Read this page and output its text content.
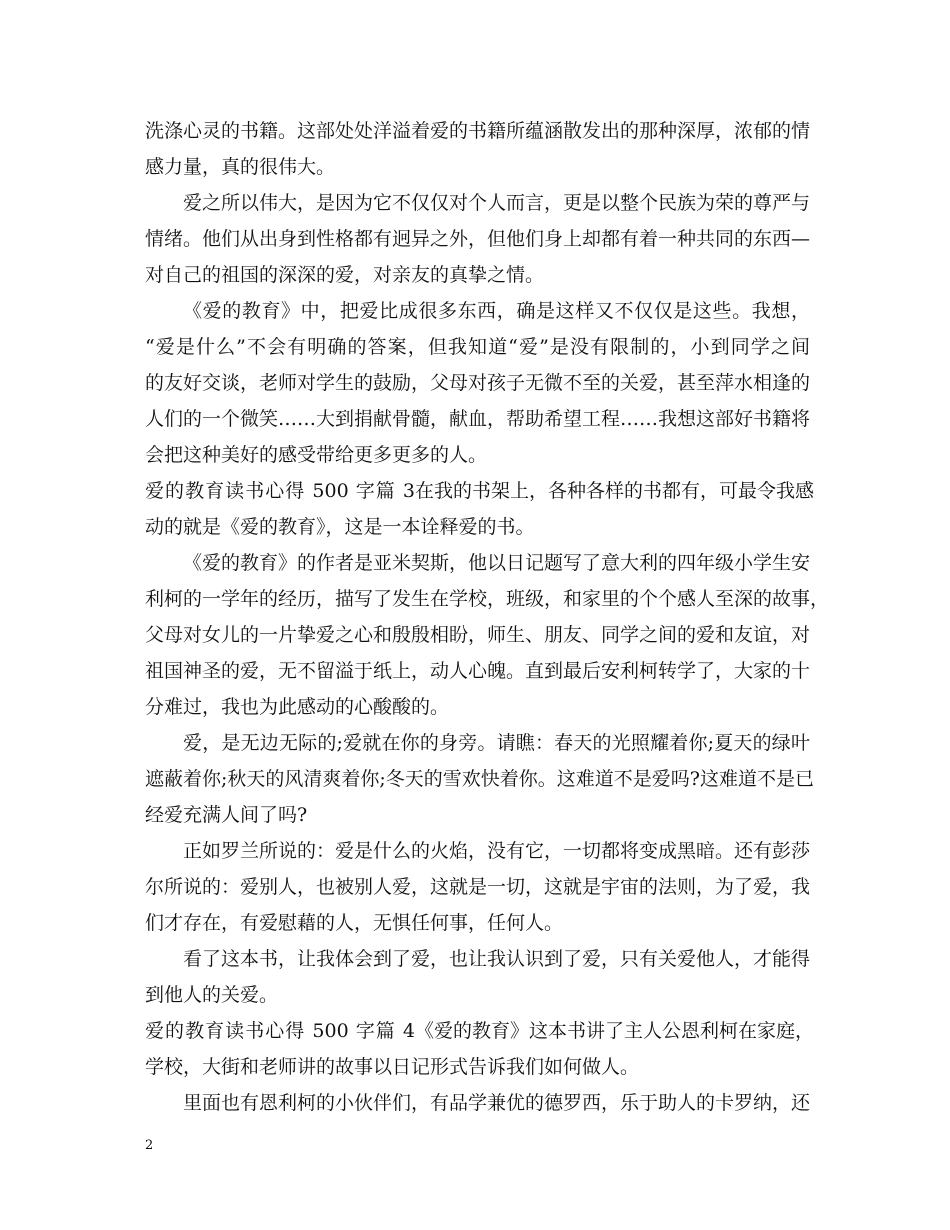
洗涤心灵的书籍。这部处处洋溢着爱的书籍所蕴涵散发出的那种深厚，浓郁的情
感力量，真的很伟大。
爱之所以伟大，是因为它不仅仅对个人而言，更是以整个民族为荣的尊严与
情绪。他们从出身到性格都有迥异之外，但他们身上却都有着一种共同的东西—
对自己的祖国的深深的爱，对亲友的真挚之情。
《爱的教育》中，把爱比成很多东西，确是这样又不仅仅是这些。我想，
“爱是什么”不会有明确的答案，但我知道“爱”是没有限制的，小到同学之间
的友好交谈，老师对学生的鼓励，父母对孩子无微不至的关爱，甚至萍水相逢的
人们的一个微笑……大到捐献骨髓，献血，帮助希望工程……我想这部好书籍将
会把这种美好的感受带给更多更多的人。
爱的教育读书心得 500 字篇 3在我的书架上，各种各样的书都有，可最令我感
动的就是《爱的教育》，这是一本诠释爱的书。
《爱的教育》的作者是亚米契斯，他以日记题写了意大利的四年级小学生安
利柯的一学年的经历，描写了发生在学校，班级，和家里的个个感人至深的故事，
父母对女儿的一片挚爱之心和殷殷相盼，师生、朋友、同学之间的爱和友谊，对
祖国神圣的爱，无不留溢于纸上，动人心魄。直到最后安利柯转学了，大家的十
分难过，我也为此感动的心酸酸的。
爱，是无边无际的;爱就在你的身旁。请瞧：春天的光照耀着你;夏天的绿叶
遮蔽着你;秋天的风清爽着你;冬天的雪欢快着你。这难道不是爱吗?这难道不是已
经爱充满人间了吗?
正如罗兰所说的：爱是什么的火焰，没有它，一切都将变成黑暗。还有彭莎
尔所说的：爱别人，也被别人爱，这就是一切，这就是宇宙的法则，为了爱，我
们才存在，有爱慰藉的人，无惧任何事，任何人。
看了这本书，让我体会到了爱，也让我认识到了爱，只有关爱他人，才能得
到他人的关爱。
爱的教育读书心得 500 字篇 4《爱的教育》这本书讲了主人公恩利柯在家庭，
学校，大街和老师讲的故事以日记形式告诉我们如何做人。
里面也有恩利柯的小伙伴们，有品学兼优的德罗西，乐于助人的卡罗纳，还
2
